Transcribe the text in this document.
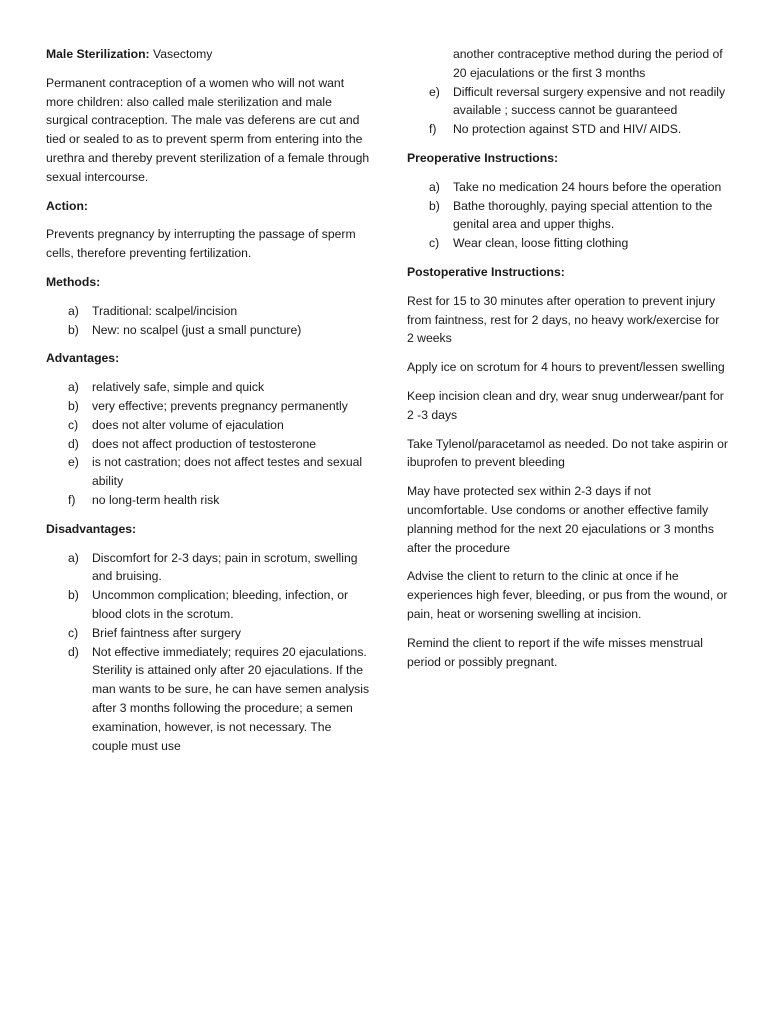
Male Sterilization: Vasectomy

Permanent contraception of a women who will not want more children: also called male sterilization and male surgical contraception. The male vas deferens are cut and tied or sealed to as to prevent sperm from entering into the urethra and thereby prevent sterilization of a female through sexual intercourse.

Action:

Prevents pregnancy by interrupting the passage of sperm cells, therefore preventing fertilization.

Methods:

a)	Traditional: scalpel/incision
b)	New: no scalpel (just a small puncture)

Advantages:

a)	relatively safe, simple and quick
b)	very effective; prevents pregnancy permanently
c)	does not alter volume of ejaculation
d)	does not affect production of testosterone
e)	is not castration; does not affect testes and sexual ability
f)	no long-term health risk

Disadvantages:

a)	Discomfort for 2-3 days; pain in scrotum, swelling and bruising.
b)	Uncommon complication; bleeding, infection, or blood clots in the scrotum.
c)	Brief faintness after surgery
d)	Not effective immediately; requires 20 ejaculations. Sterility is attained only after 20 ejaculations. If the man wants to be sure, he can have semen analysis after 3 months following the procedure; a semen examination, however, is not necessary. The couple must use
another contraceptive method during the period of 20 ejaculations or the first 3 months
e)	Difficult reversal surgery expensive and not readily available ; success cannot be guaranteed
f)	No protection against STD and HIV/ AIDS.

Preoperative Instructions:

a)	Take no medication 24 hours before the operation
b)	Bathe thoroughly, paying special attention to the genital area and upper thighs.
c)	Wear clean, loose fitting clothing

Postoperative Instructions:

Rest for 15 to 30 minutes after operation to prevent injury from faintness, rest for 2 days, no heavy work/exercise for 2 weeks

Apply ice on scrotum for 4 hours to prevent/lessen swelling

Keep incision clean and dry, wear snug underwear/pant for 2 -3 days

Take Tylenol/paracetamol as needed. Do not take aspirin or ibuprofen to prevent bleeding

May have protected sex within 2-3 days if not uncomfortable. Use condoms or another effective family planning method for the next 20 ejaculations or 3 months after the procedure

Advise the client to return to the clinic at once if he experiences high fever, bleeding, or pus from the wound, or pain, heat or worsening swelling at incision.

Remind the client to report if the wife misses menstrual period or possibly pregnant.
